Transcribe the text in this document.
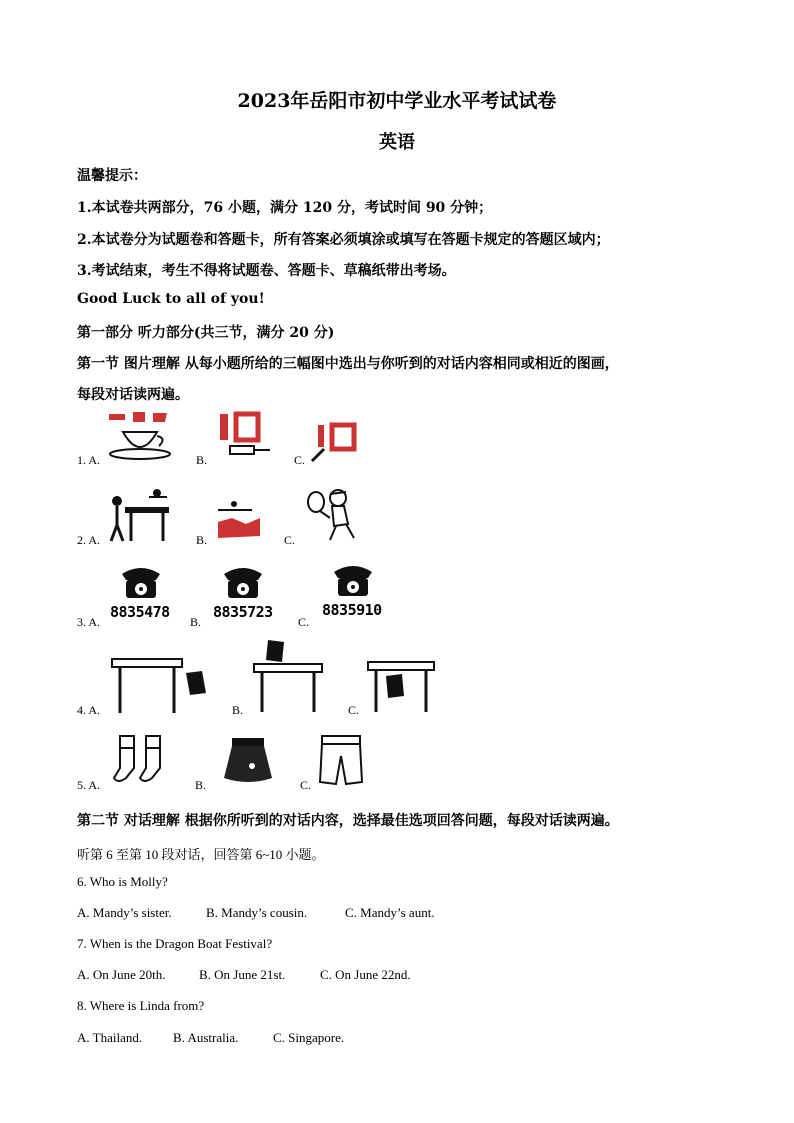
2023年岳阳市初中学业水平考试试卷
英语
温馨提示：
1.本试卷共两部分，76 小题，满分 120 分，考试时间 90 分钟；
2.本试卷分为试题卷和答题卡，所有答案必须填涂或填写在答题卡规定的答题区域内；
3.考试结束，考生不得将试题卷、答题卡、草稿纸带出考场。
Good Luck to all of you!
第一部分 听力部分(共三节，满分 20 分)
第一节 图片理解 从每小题所给的三幅图中选出与你听到的对话内容相同或相近的图画，
每段对话读两遍。
1. A.	B.	C.
2. A.	B.	C.
3. A.
8835478
B.
8835723
C.
8835910
4. A.	B.	C.
5. A.	B.	C.
第二节 对话理解 根据你所听到的对话内容，选择最佳选项回答问题，每段对话读两遍。
听第 6 至第 10 段对话，回答第 6~10 小题。
6. Who is Molly?
A. Mandy’s sister.	B. Mandy’s cousin.	C. Mandy’s aunt.
7. When is the Dragon Boat Festival?
A. On June 20th.	B. On June 21st.	C. On June 22nd.
8. Where is Linda from?
A. Thailand. B. Australia.	C. Singapore.
